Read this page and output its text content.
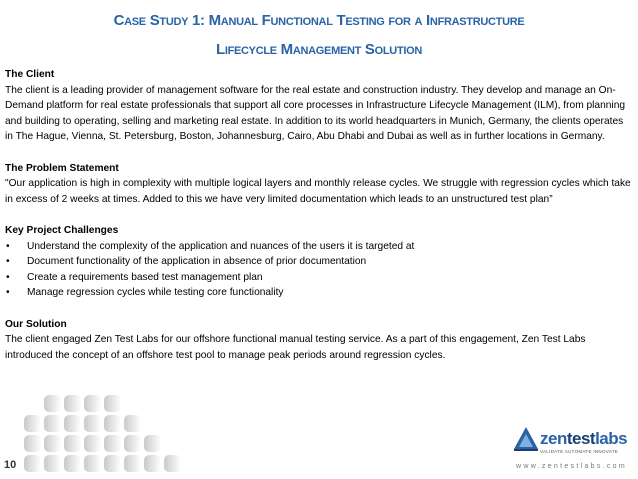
Case Study 1: Manual Functional Testing for a Infrastructure
Lifecycle Management Solution

The Client

The client is a leading provider of management software for the real estate and construction industry. They develop and manage an On-Demand platform for real estate professionals that support all core processes in Infrastructure Lifecycle Management (ILM), from planning and building to operating, selling and marketing real estate. In addition to its world headquarters in Munich, Germany, the clients operates in The Hague, Vienna, St. Petersburg, Boston, Johannesburg, Cairo, Abu Dhabi and Dubai as well as in further locations in Germany.

The Problem Statement

"Our application is high in complexity with multiple logical layers and monthly release cycles. We struggle with regression cycles which take in excess of 2 weeks at times. Added to this we have very limited documentation which leads to an unstructured test plan”

Key Project Challenges

• Understand the complexity of the application and nuances of the users it is targeted at
• Document functionality of the application in absence of prior documentation
• Create a requirements based test management plan
• Manage regression cycles while testing core functionality

Our Solution

The client engaged Zen Test Labs for our offshore functional manual testing service. As a part of this engagement, Zen Test Labs introduced the concept of an offshore test pool to manage peak periods around regression cycles.

10
zentestlabs
VALIDATE AUTOMATE INNOVATE
www.zentestlabs.com
